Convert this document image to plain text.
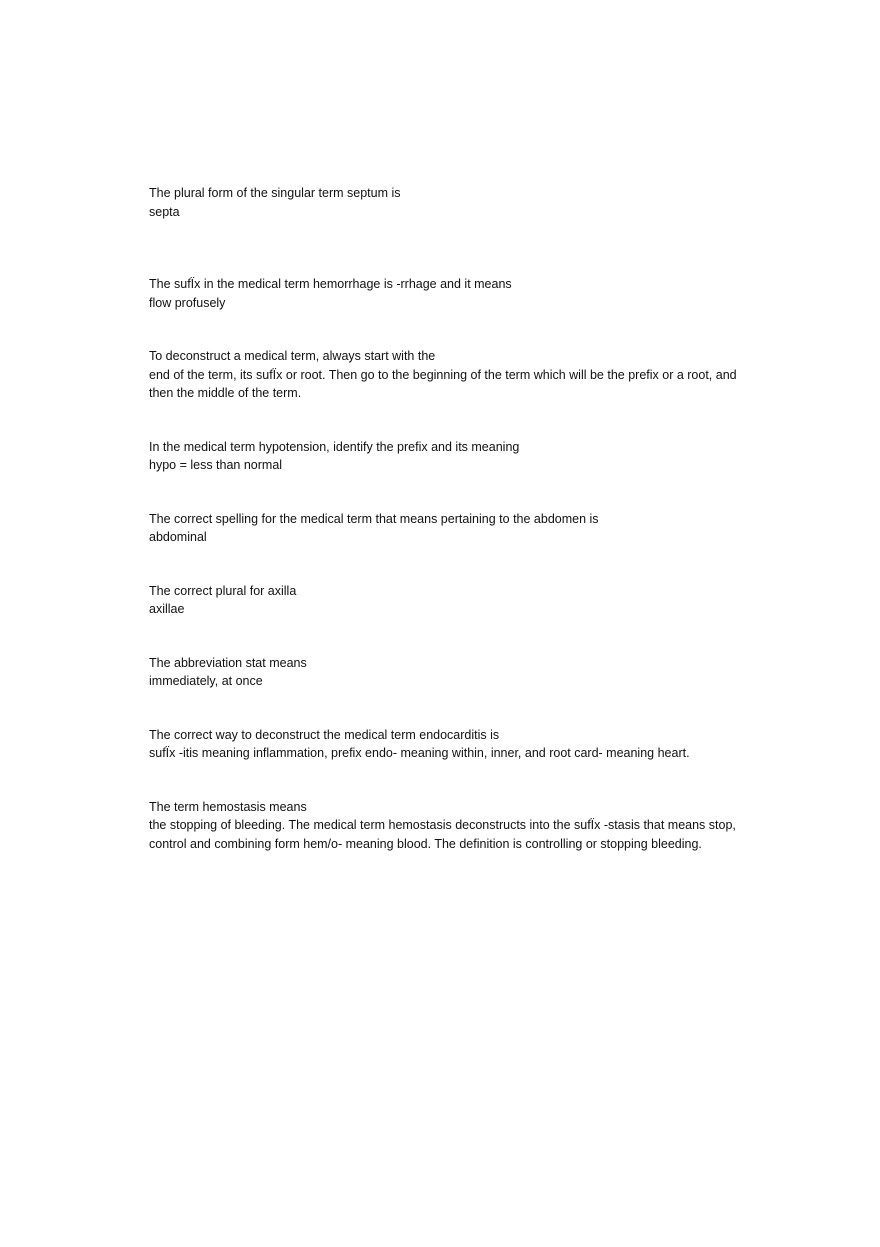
The plural form of the singular term septum is
septa
The sufÏx in the medical term hemorrhage is -rrhage and it means
flow profusely
To deconstruct a medical term, always start with the
end of the term, its sufÏx or root. Then go to the beginning of the term which will be the prefix or a root, and then the middle of the term.
In the medical term hypotension, identify the prefix and its meaning
hypo = less than normal
The correct spelling for the medical term that means pertaining to the abdomen is
abdominal
The correct plural for axilla
axillae
The abbreviation stat means
immediately, at once
The correct way to deconstruct the medical term endocarditis is
sufÏx -itis meaning inflammation, prefix endo- meaning within, inner, and root card- meaning heart.
The term hemostasis means
the stopping of bleeding. The medical term hemostasis deconstructs into the sufÏx -stasis that means stop, control and combining form hem/o- meaning blood. The definition is controlling or stopping bleeding.
